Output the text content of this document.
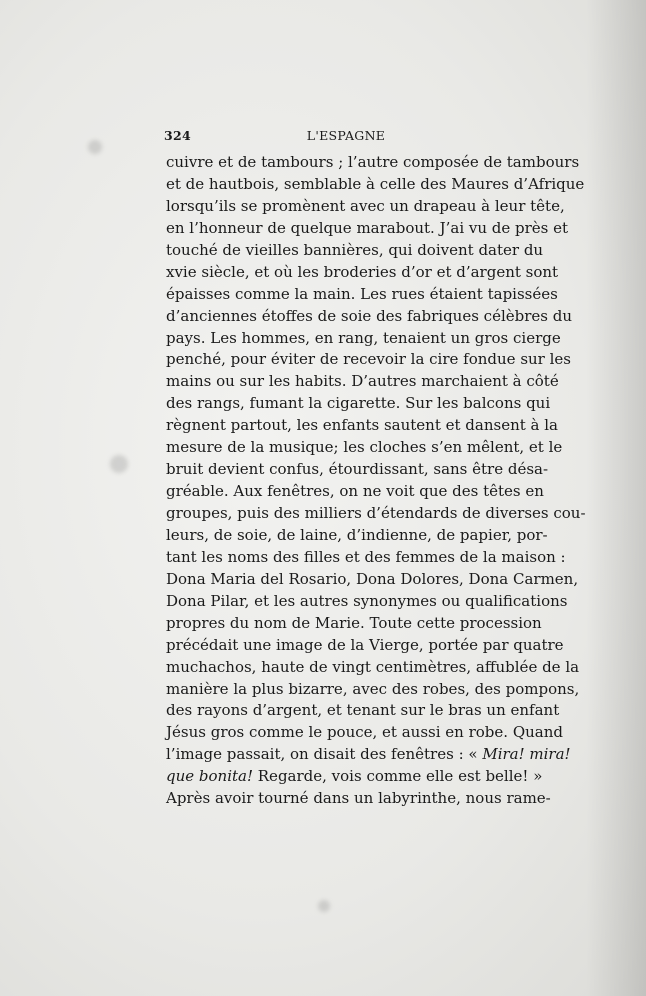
324	L'ESPAGNE
cuivre et de tambours ; l’autre composée de tambours
et de hautbois, semblable à celle des Maures d’Afrique
lorsqu’ils se promènent avec un drapeau à leur tête,
en l’honneur de quelque marabout. J’ai vu de près et
touché de vieilles bannières, qui doivent dater du
xvie siècle, et où les broderies d’or et d’argent sont
épaisses comme la main. Les rues étaient tapissées
d’anciennes étoffes de soie des fabriques célèbres du
pays. Les hommes, en rang, tenaient un gros cierge
penché, pour éviter de recevoir la cire fondue sur les
mains ou sur les habits. D’autres marchaient à côté
des rangs, fumant la cigarette. Sur les balcons qui
règnent partout, les enfants sautent et dansent à la
mesure de la musique; les cloches s’en mêlent, et le
bruit devient confus, étourdissant, sans être désa-
gréable. Aux fenêtres, on ne voit que des têtes en
groupes, puis des milliers d’étendards de diverses cou-
leurs, de soie, de laine, d’indienne, de papier, por-
tant les noms des filles et des femmes de la maison :
Dona Maria del Rosario, Dona Dolores, Dona Carmen,
Dona Pilar, et les autres synonymes ou qualifications
propres du nom de Marie. Toute cette procession
précédait une image de la Vierge, portée par quatre
muchachos, haute de vingt centimètres, affublée de la
manière la plus bizarre, avec des robes, des pompons,
des rayons d’argent, et tenant sur le bras un enfant
Jésus gros comme le pouce, et aussi en robe. Quand
l’image passait, on disait des fenêtres : « Mira! mira!
que bonita! Regarde, vois comme elle est belle! »
Après avoir tourné dans un labyrinthe, nous rame-
